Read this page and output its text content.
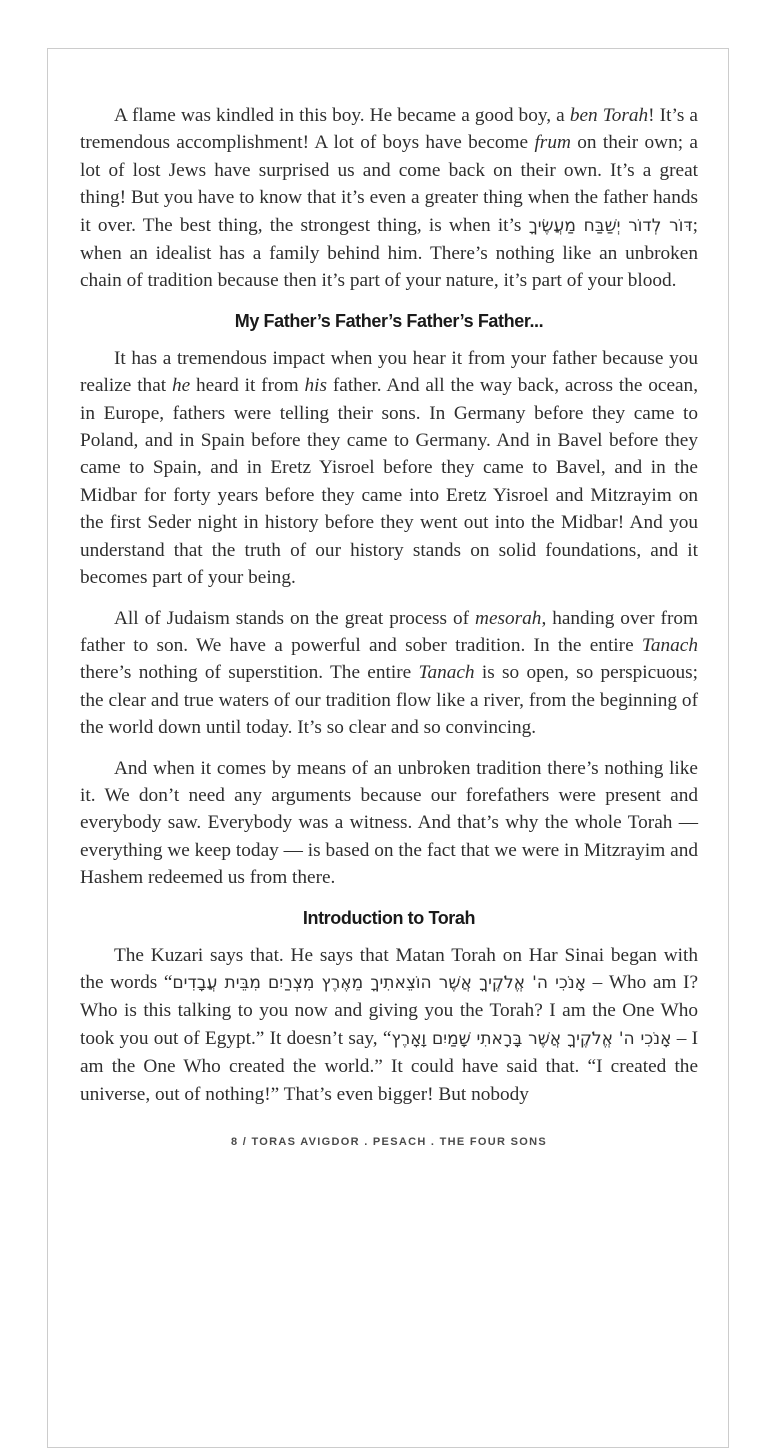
A flame was kindled in this boy. He became a good boy, a ben Torah! It’s a tremendous accomplishment! A lot of boys have become frum on their own; a lot of lost Jews have surprised us and come back on their own. It’s a great thing! But you have to know that it’s even a greater thing when the father hands it over. The best thing, the strongest thing, is when it’s דּוֹר לְדוֹר יְשַׁבַּח מַעֲשֶׂיךָ; when an idealist has a family behind him. There’s nothing like an unbroken chain of tradition because then it’s part of your nature, it’s part of your blood.

My Father’s Father’s Father’s Father...

It has a tremendous impact when you hear it from your father because you realize that he heard it from his father. And all the way back, across the ocean, in Europe, fathers were telling their sons. In Germany before they came to Poland, and in Spain before they came to Germany. And in Bavel before they came to Spain, and in Eretz Yisroel before they came to Bavel, and in the Midbar for forty years before they came into Eretz Yisroel and Mitzrayim on the first Seder night in history before they went out into the Midbar! And you understand that the truth of our history stands on solid foundations, and it becomes part of your being.

All of Judaism stands on the great process of mesorah, handing over from father to son. We have a powerful and sober tradition. In the entire Tanach there’s nothing of superstition. The entire Tanach is so open, so perspicuous; the clear and true waters of our tradition flow like a river, from the beginning of the world down until today. It’s so clear and so convincing.

And when it comes by means of an unbroken tradition there’s nothing like it. We don’t need any arguments because our forefathers were present and everybody saw. Everybody was a witness. And that’s why the whole Torah — everything we keep today — is based on the fact that we were in Mitzrayim and Hashem redeemed us from there.

Introduction to Torah

The Kuzari says that. He says that Matan Torah on Har Sinai began with the words “אָנֹכִי ה' אֱלֹקֶיךָ אֲשֶׁר הוֹצֵאתִיךָ מֵאֶרֶץ מִצְרַיִם מִבֵּית עֲבָדִים – Who am I? Who is this talking to you now and giving you the Torah? I am the One Who took you out of Egypt.” It doesn’t say, “אָנֹכִי ה' אֱלֹקֶיךָ אֲשֶׁר בָּרָאתִי שָׁמַיִם וָאָרֶץ – I am the One Who created the world.” It could have said that. “I created the universe, out of nothing!” That’s even bigger! But nobody

8 / TORAS AVIGDOR . PESACH . THE FOUR SONS
